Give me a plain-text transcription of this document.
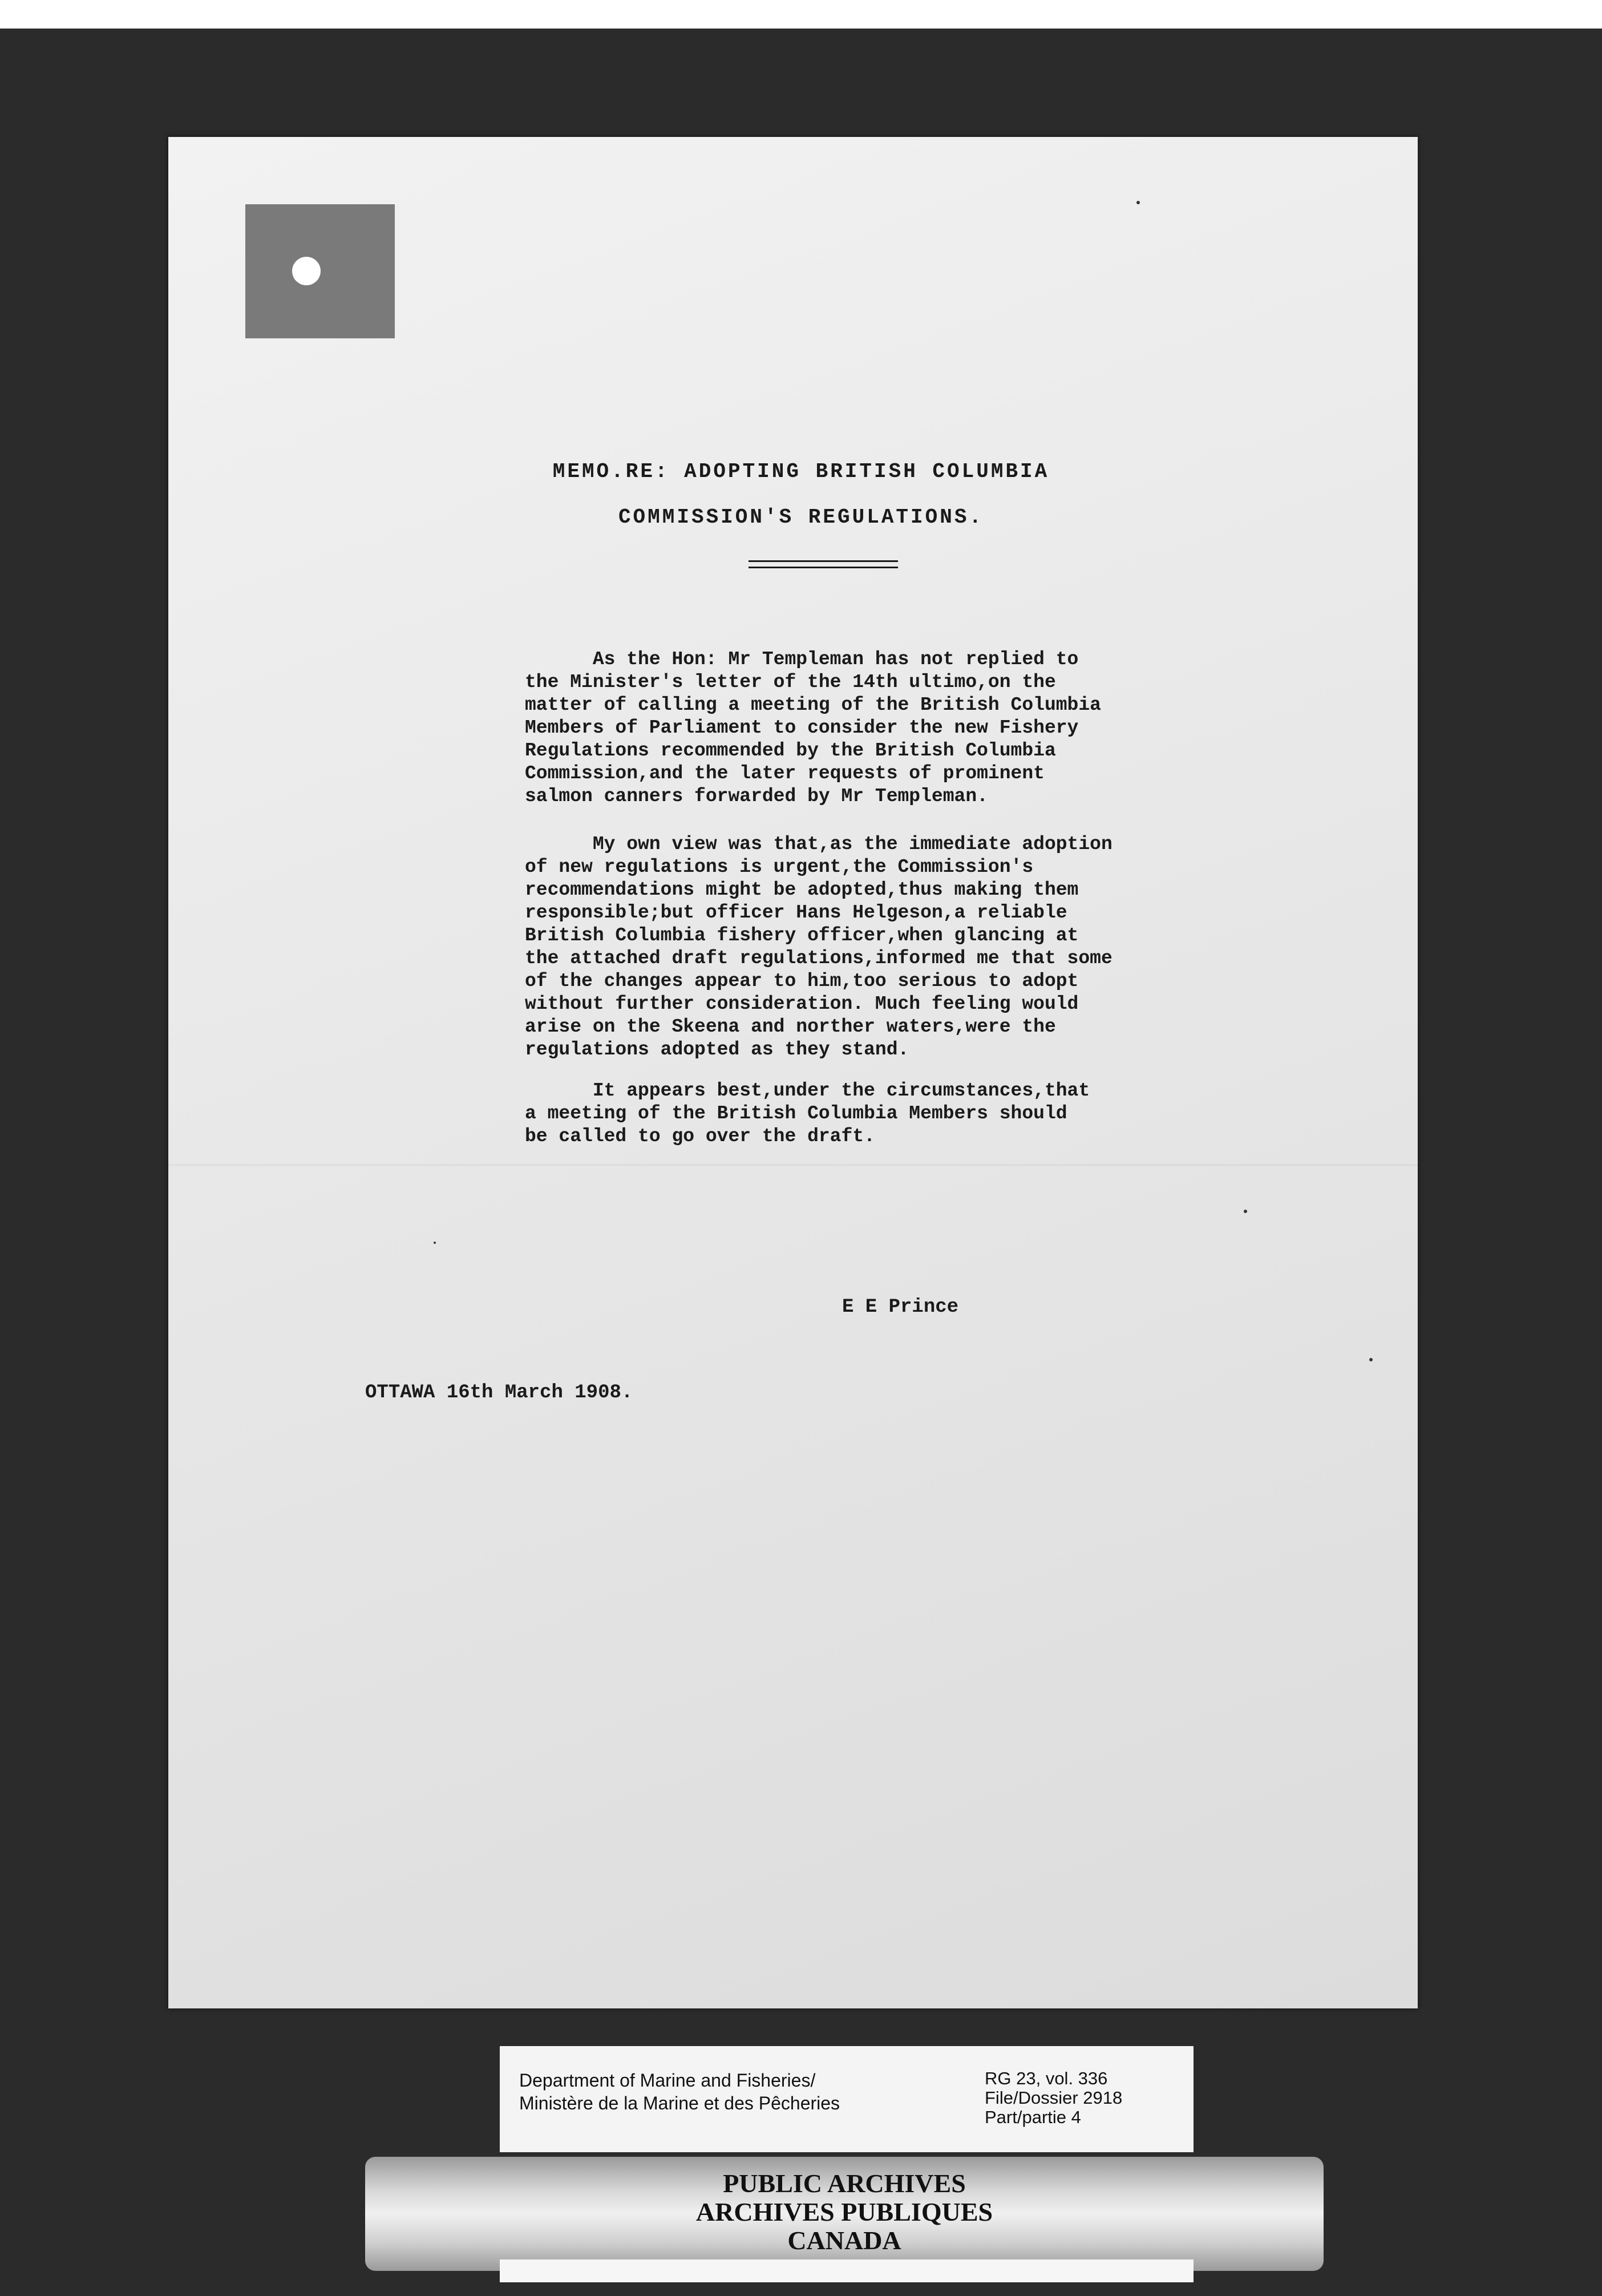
MEMO.RE: ADOPTING BRITISH COLUMBIA
COMMISSION'S REGULATIONS.
As the Hon: Mr Templeman has not replied to
the Minister's letter of the 14th ultimo,on the
matter of calling a meeting of the British Columbia
Members of Parliament to consider the new Fishery
Regulations recommended by the British Columbia
Commission,and the later requests of prominent
salmon canners forwarded by Mr Templeman.
My own view was that,as the immediate adoption
of new regulations is urgent,the Commission's
recommendations might be adopted,thus making them
responsible;but officer Hans Helgeson,a reliable
British Columbia fishery officer,when glancing at
the attached draft regulations,informed me that some
of the changes appear to him,too serious to adopt
without further consideration. Much feeling would
arise on the Skeena and norther waters,were the
regulations adopted as they stand.
It appears best,under the circumstances,that
a meeting of the British Columbia Members should
be called to go over the draft.
E E Prince
OTTAWA 16th March 1908.
Department of Marine and Fisheries/
Ministère de la Marine et des Pêcheries
RG 23, vol. 336
File/Dossier 2918
Part/partie 4
PUBLIC ARCHIVES
ARCHIVES PUBLIQUES
CANADA
